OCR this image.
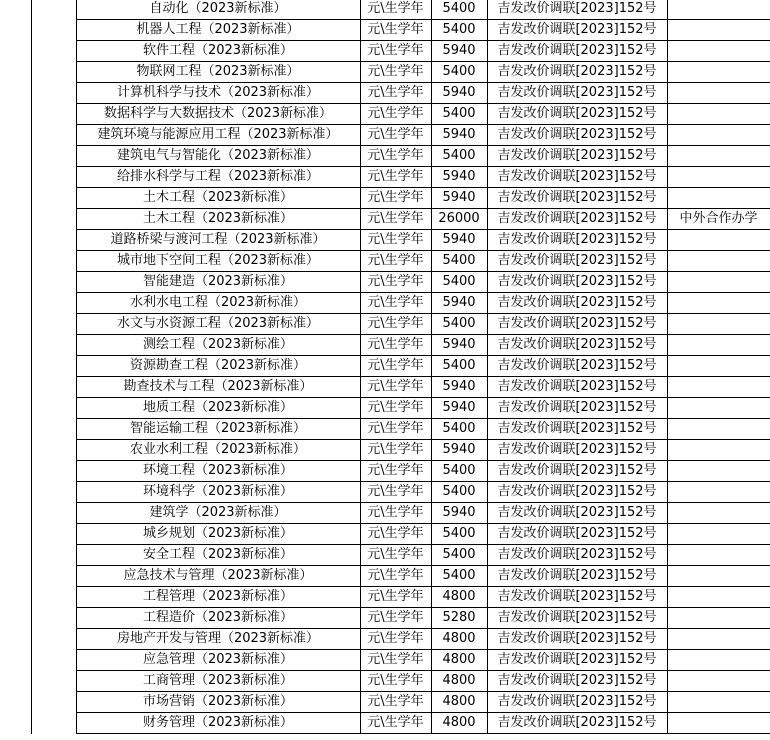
		自动化（2023新标准）	元\生学年	5400	吉发改价调联[2023]152号	
		机器人工程（2023新标准）	元\生学年	5400	吉发改价调联[2023]152号	
		软件工程（2023新标准）	元\生学年	5940	吉发改价调联[2023]152号	
		物联网工程（2023新标准）	元\生学年	5400	吉发改价调联[2023]152号	
		计算机科学与技术（2023新标准）	元\生学年	5940	吉发改价调联[2023]152号	
		数据科学与大数据技术（2023新标准）	元\生学年	5400	吉发改价调联[2023]152号	
		建筑环境与能源应用工程（2023新标准）	元\生学年	5940	吉发改价调联[2023]152号	
		建筑电气与智能化（2023新标准）	元\生学年	5400	吉发改价调联[2023]152号	
		给排水科学与工程（2023新标准）	元\生学年	5940	吉发改价调联[2023]152号	
		土木工程（2023新标准）	元\生学年	5940	吉发改价调联[2023]152号	
		土木工程（2023新标准）	元\生学年	26000	吉发改价调联[2023]152号	中外合作办学
		道路桥梁与渡河工程（2023新标准）	元\生学年	5940	吉发改价调联[2023]152号	
		城市地下空间工程（2023新标准）	元\生学年	5400	吉发改价调联[2023]152号	
		智能建造（2023新标准）	元\生学年	5400	吉发改价调联[2023]152号	
		水利水电工程（2023新标准）	元\生学年	5940	吉发改价调联[2023]152号	
		水文与水资源工程（2023新标准）	元\生学年	5400	吉发改价调联[2023]152号	
		测绘工程（2023新标准）	元\生学年	5940	吉发改价调联[2023]152号	
		资源勘查工程（2023新标准）	元\生学年	5400	吉发改价调联[2023]152号	
		勘查技术与工程（2023新标准）	元\生学年	5940	吉发改价调联[2023]152号	
		地质工程（2023新标准）	元\生学年	5940	吉发改价调联[2023]152号	
		智能运输工程（2023新标准）	元\生学年	5400	吉发改价调联[2023]152号	
		农业水利工程（2023新标准）	元\生学年	5940	吉发改价调联[2023]152号	
		环境工程（2023新标准）	元\生学年	5400	吉发改价调联[2023]152号	
		环境科学（2023新标准）	元\生学年	5400	吉发改价调联[2023]152号	
		建筑学（2023新标准）	元\生学年	5940	吉发改价调联[2023]152号	
		城乡规划（2023新标准）	元\生学年	5400	吉发改价调联[2023]152号	
		安全工程（2023新标准）	元\生学年	5400	吉发改价调联[2023]152号	
		应急技术与管理（2023新标准）	元\生学年	5400	吉发改价调联[2023]152号	
		工程管理（2023新标准）	元\生学年	4800	吉发改价调联[2023]152号	
		工程造价（2023新标准）	元\生学年	5280	吉发改价调联[2023]152号	
		房地产开发与管理（2023新标准）	元\生学年	4800	吉发改价调联[2023]152号	
		应急管理（2023新标准）	元\生学年	4800	吉发改价调联[2023]152号	
		工商管理（2023新标准）	元\生学年	4800	吉发改价调联[2023]152号	
		市场营销（2023新标准）	元\生学年	4800	吉发改价调联[2023]152号	
		财务管理（2023新标准）	元\生学年	4800	吉发改价调联[2023]152号	
